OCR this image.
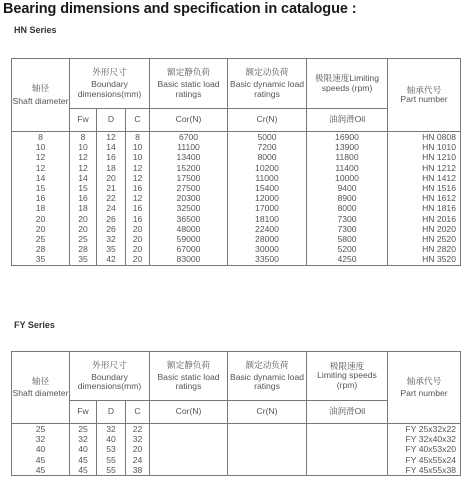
Bearing dimensions and specification in catalogue :
HN Series
轴径
Shaft diameter	外形尺寸
Boundary dimensions(mm)			额定静负荷
Basic static load ratings	额定动负荷
Basic dynamic load ratings	极限速度Limiting speeds (rpm)	轴承代号
Part number

	Fw	D	C	Cor(N)	Cr(N)	油润滑Oil	
8	8	12	8	6700	5000	16900	HN 0808
10	10	14	10	11100	7200	13900	HN 1010
12	12	16	10	13400	8000	11800	HN 1210
12	12	18	12	15200	10200	11400	HN 1212
14	14	20	12	17500	11000	10000	HN 1412
15	15	21	16	27500	15400	9400	HN 1516
16	16	22	12	20300	12000	8900	HN 1612
18	18	24	16	32500	17000	8000	HN 1816
20	20	26	16	36500	18100	7300	HN 2016
20	20	26	20	48000	22400	7300	HN 2020
25	25	32	20	59000	28000	5800	HN 2520
28	28	35	20	67000	30000	5200	HN 2820
35	35	42	20	83000	33500	4250	HN 3520
FY Series
轴径
Shaft diameter	外形尺寸
Boundary dimensions(mm)			额定静负荷
Basic static load ratings	额定动负荷
Basic dynamic load ratings	极限速度
Limiting speeds (rpm)	轴承代号
Part number

	Fw	D	C	Cor(N)	Cr(N)	油润滑Oil	
25	25	32	22				FY 25x32x22
32	32	40	32				FY 32x40x32
40	40	53	20				FY 40x53x20
45	45	55	24				FY 45x55x24
45	45	55	38				FY 45x55x38
